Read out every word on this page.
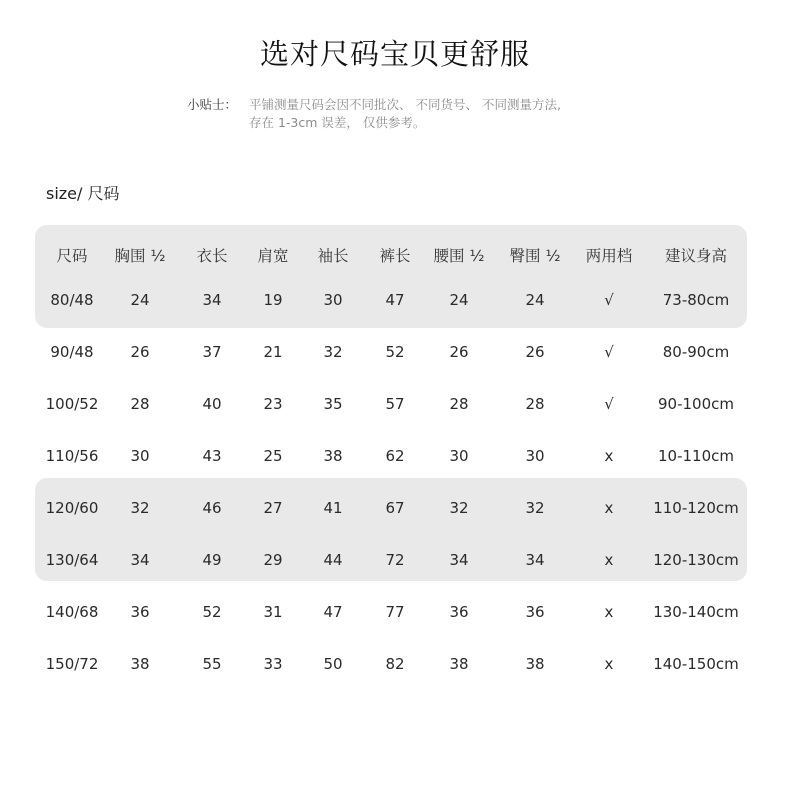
选对尺码宝贝更舒服
小贴士： 平铺测量尺码会因不同批次、 不同货号、 不同测量方法,
存在 1-3cm 误差， 仅供参考。
size/ 尺码
尺码	胸围 ½	衣长	肩宽	袖长	裤长	腰围 ½	臀围 ½	两用档	建议身高
80/48	24	34	19	30	47	24	24	√	73-80cm
90/48	26	37	21	32	52	26	26	√	80-90cm
100/52	28	40	23	35	57	28	28	√	90-100cm
110/56	30	43	25	38	62	30	30	x	10-110cm
120/60	32	46	27	41	67	32	32	x	110-120cm
130/64	34	49	29	44	72	34	34	x	120-130cm
140/68	36	52	31	47	77	36	36	x	130-140cm
150/72	38	55	33	50	82	38	38	x	140-150cm
